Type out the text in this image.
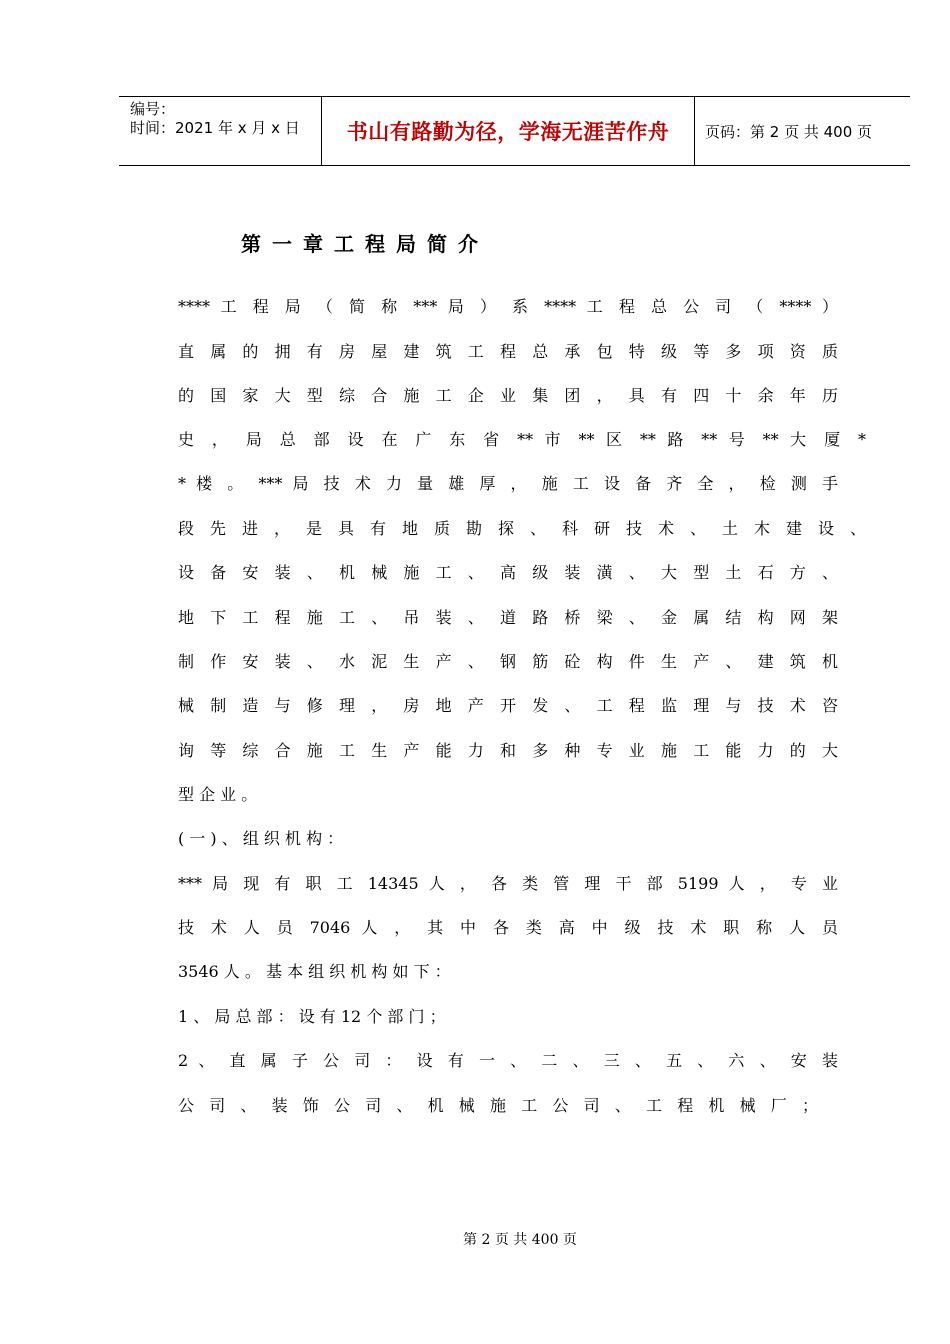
编号：
时间：2021 年 x 月 x 日 书山有路勤为径，学海无涯苦作舟 页码：第 2 页 共 400 页
第一章工程局简介
**** 工 程 局 （ 简 称 *** 局 ） 系 **** 工 程 总 公 司 （ **** ）
直 属 的 拥 有 房 屋 建 筑 工 程 总 承 包 特 级 等 多 项 资 质
的 国 家 大 型 综 合 施 工 企 业 集 团 ， 具 有 四 十 余 年 历
史 ， 局 总 部 设 在 广 东 省 ** 市 ** 区 ** 路 ** 号 ** 大 厦 *
* 楼 。 *** 局 技 术 力 量 雄 厚 ， 施 工 设 备 齐 全 ， 检 测 手
段 先 进 ， 是 具 有 地 质 勘 探 、 科 研 技 术 、 土 木 建 设 、
设 备 安 装 、 机 械 施 工 、 高 级 装 潢 、 大 型 土 石 方 、
地 下 工 程 施 工 、 吊 装 、 道 路 桥 梁 、 金 属 结 构 网 架
制 作 安 装 、 水 泥 生 产 、 钢 筋 砼 构 件 生 产 、 建 筑 机
械 制 造 与 修 理 ， 房 地 产 开 发 、 工 程 监 理 与 技 术 咨
询 等 综 合 施 工 生 产 能 力 和 多 种 专 业 施 工 能 力 的 大
型 企 业 。
( 一 ) 、 组 织 机 构 ：
*** 局 现 有 职 工 14345 人 ， 各 类 管 理 干 部 5199 人 ， 专 业
技 术 人 员 7046 人 ， 其 中 各 类 高 中 级 技 术 职 称 人 员
3546 人 。 基 本 组 织 机 构 如 下 ：
1 、 局 总 部 ： 设 有 12 个 部 门 ；
2 、 直 属 子 公 司 ： 设 有 一 、 二 、 三 、 五 、 六 、 安 装
公 司 、 装 饰 公 司 、 机 械 施 工 公 司 、 工 程 机 械 厂 ；
第 2 页 共 400 页
